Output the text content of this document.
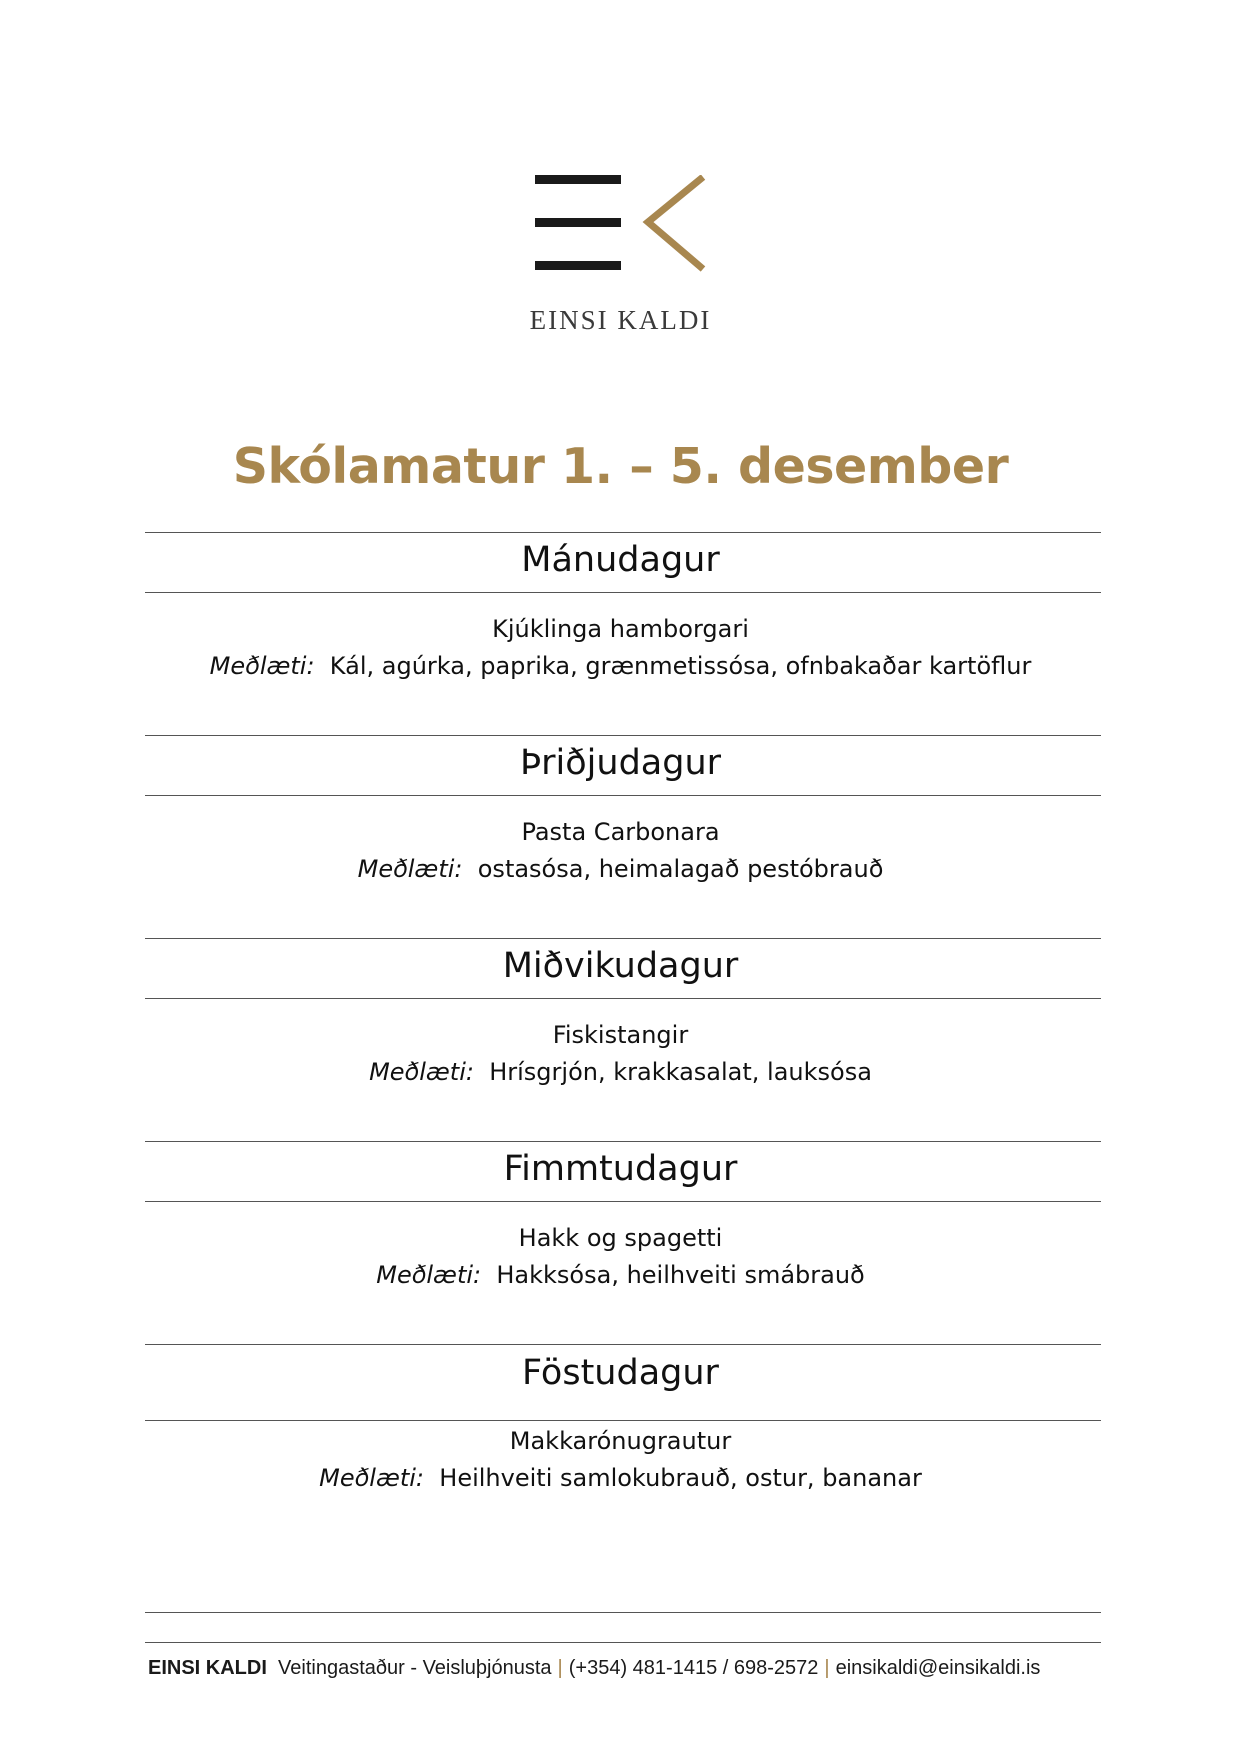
EINSI KALDI
Skólamatur 1. – 5. desember
Mánudagur
Kjúklinga hamborgari
Meðlæti: Kál, agúrka, paprika, grænmetissósa, ofnbakaðar kartöflur
Þriðjudagur
Pasta Carbonara
Meðlæti: ostasósa, heimalagað pestóbrauð
Miðvikudagur
Fiskistangir
Meðlæti: Hrísgrjón, krakkasalat, lauksósa
Fimmtudagur
Hakk og spagetti
Meðlæti: Hakksósa, heilhveiti smábrauð
Föstudagur
Makkarónugrautur
Meðlæti: Heilhveiti samlokubrauð, ostur, bananar
EINSI KALDI Veitingastaður - Veisluþjónusta | (+354) 481-1415 / 698-2572 | einsikaldi@einsikaldi.is
